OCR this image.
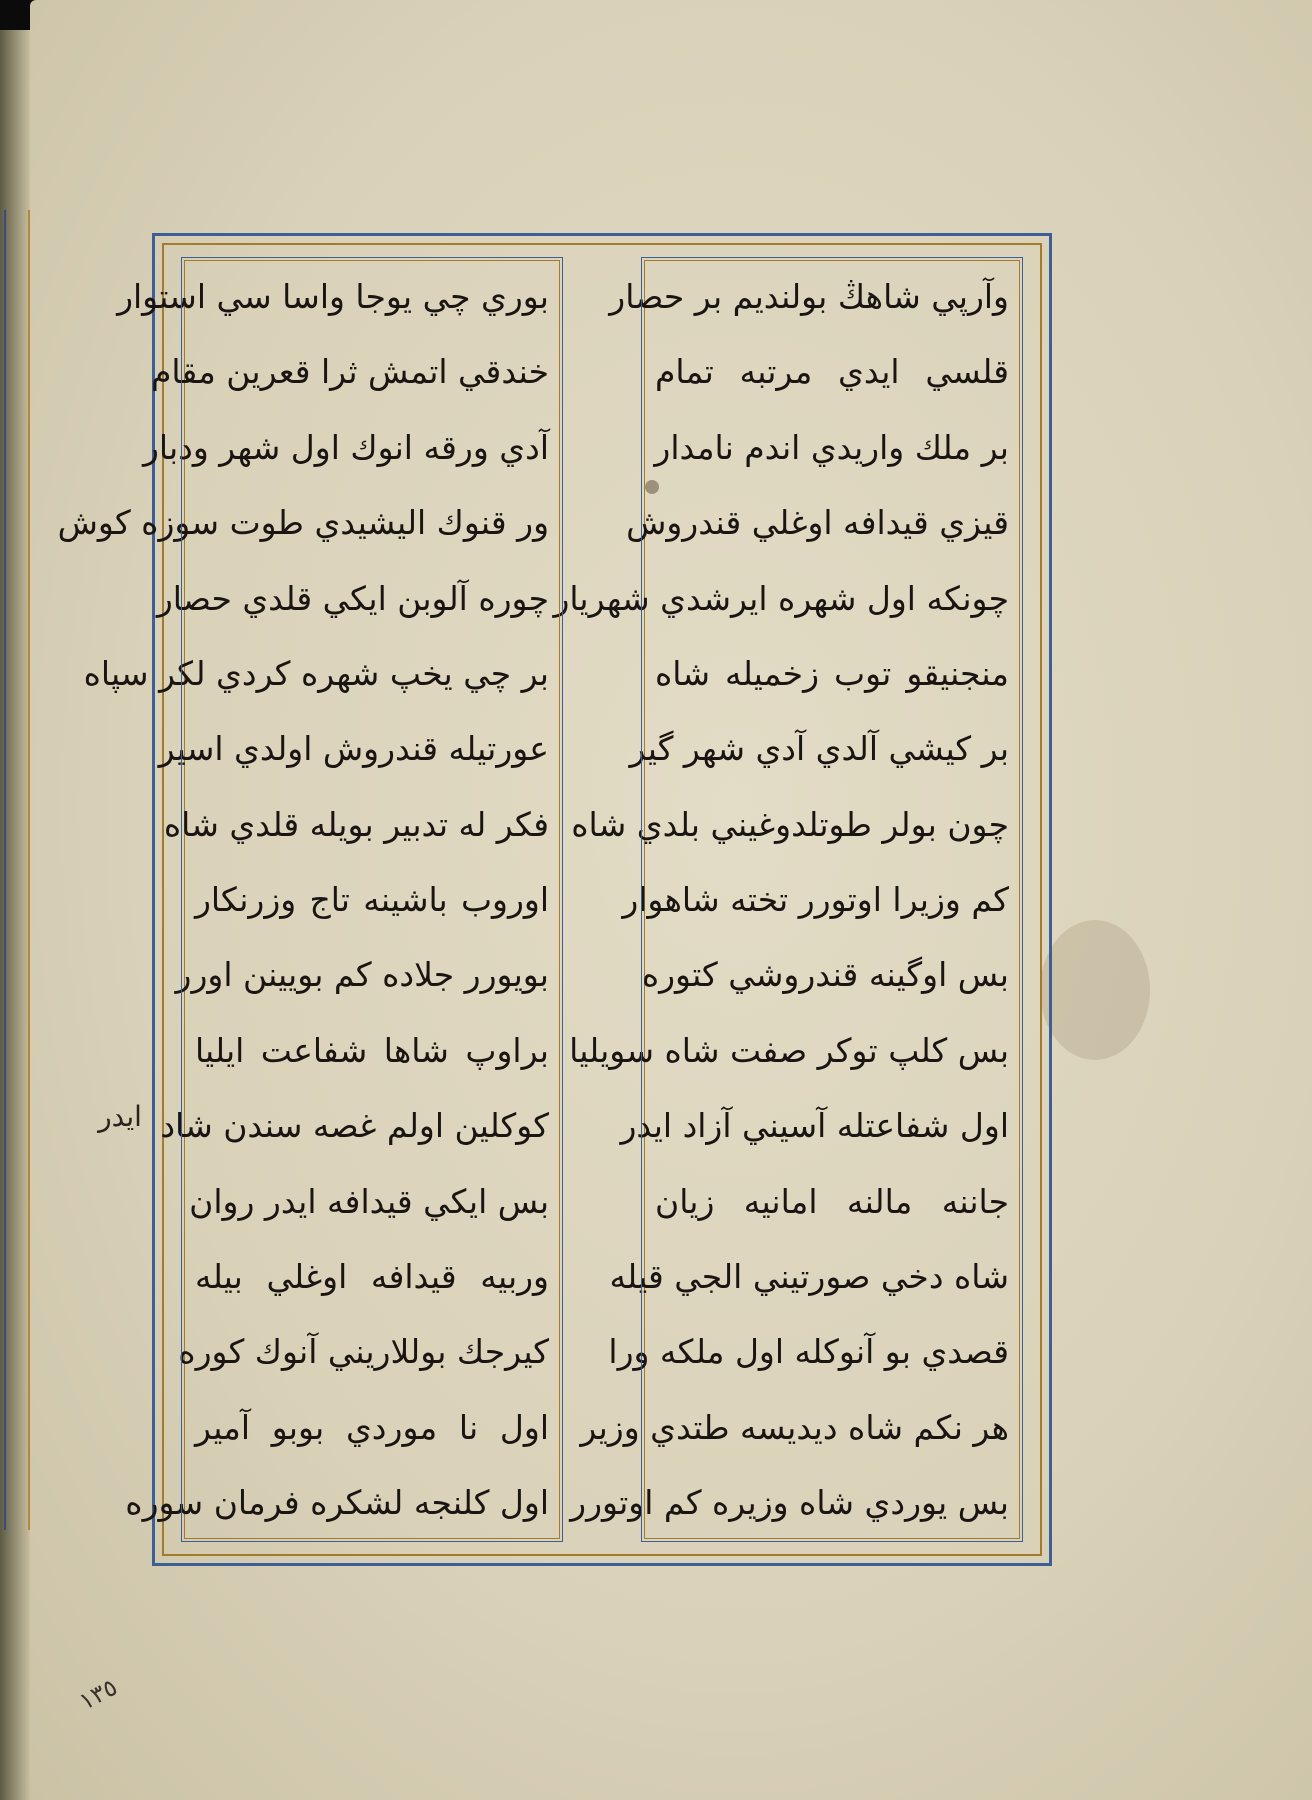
وآرپي شاهڭ بولنديم بر حصار
قلسي ايدي مرتبه تمام
بر ملك واريدي اندم نامدار
قيزي قيدافه اوغلي قندروش
چونكه اول شهره ايرشدي شهريار
منجنيقو توب زخميله شاه
بر كيشي آلدي آدي شهر گير
چون بولر طوتلدوغيني بلدي شاه
كم وزيرا اوتورر تخته شاهوار
بس اوگينه قندروشي كتوره
بس كلپ توكر صفت شاه سويليا
اول شفاعتله آسيني آزاد ايدر
جاننه مالنه امانيه زيان
شاه دخي صورتيني الجي قيله
قصدي بو آنوكله اول ملكه ورا
هر نكم شاه ديديسه طتدي وزير
بس يوردي شاه وزيره كم اوتورر
بوري چي يوجا واسا سي استوار
خندقي اتمش ثرا قعرين مقام
آدي ورقه انوك اول شهر ودبار
ور قنوك اليشيدي طوت سوزه كوش
چوره آلوبن ايكي قلدي حصار
بر چي يخپ شهره كردي لكر سپاه
عورتيله قندروش اولدي اسير
فكر له تدبير بويله قلدي شاه
اوروب باشينه تاج وزرنكار
بويورر جلاده كم بويينن اورر
براوپ شاها شفاعت ايليا
كوكلين اولم غصه سندن شاد
بس ايكي قيدافه ايدر روان
وربيه قيدافه اوغلي بيله
كيرجك بوللاريني آنوك كوره
اول نا موردي بوبو آمير
اول كلنجه لشكره فرمان سوره
ايدر
١٣٥
